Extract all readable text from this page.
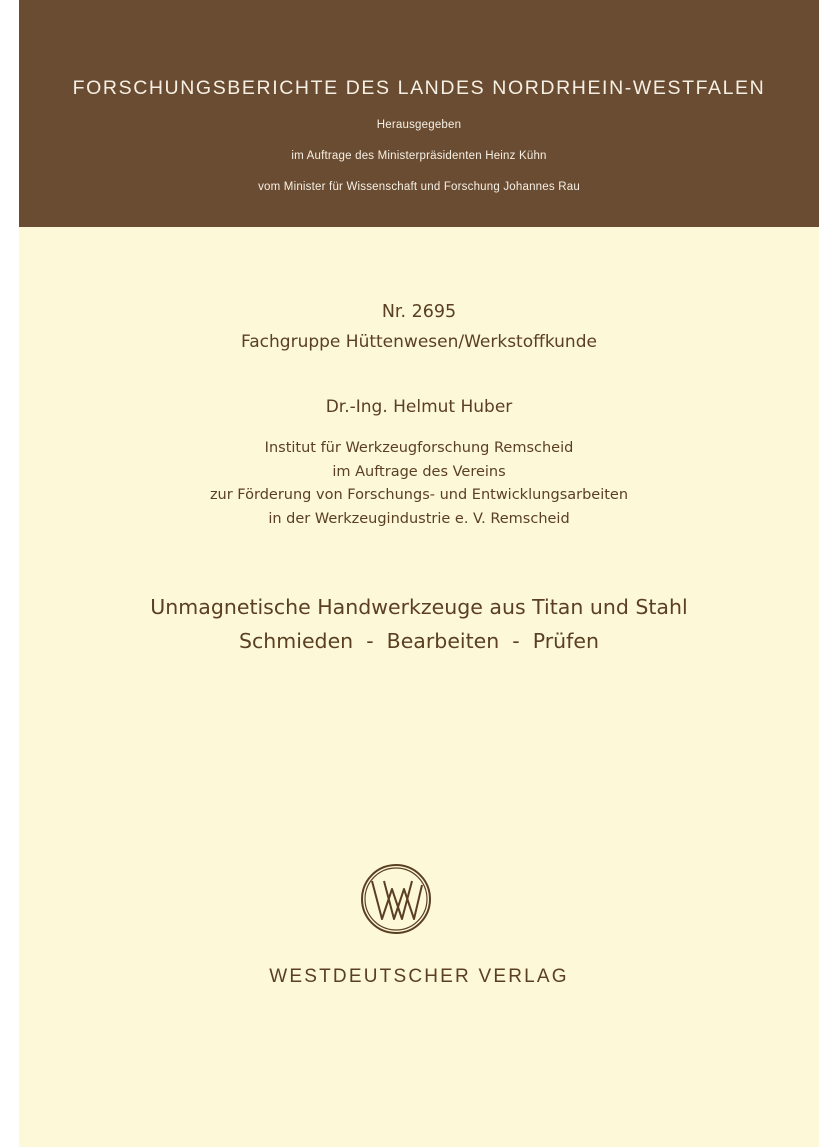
FORSCHUNGSBERICHTE DES LANDES NORDRHEIN-WESTFALEN
Herausgegeben
im Auftrage des Ministerpräsidenten Heinz Kühn
vom Minister für Wissenschaft und Forschung Johannes Rau
Nr. 2695
Fachgruppe Hüttenwesen/Werkstoffkunde
Dr.-Ing. Helmut Huber
Institut für Werkzeugforschung Remscheid
im Auftrage des Vereins
zur Förderung von Forschungs- und Entwicklungsarbeiten
in der Werkzeugindustrie e. V. Remscheid
Unmagnetische Handwerkzeuge aus Titan und Stahl
Schmieden  -  Bearbeiten  -  Prüfen
WESTDEUTSCHER VERLAG
